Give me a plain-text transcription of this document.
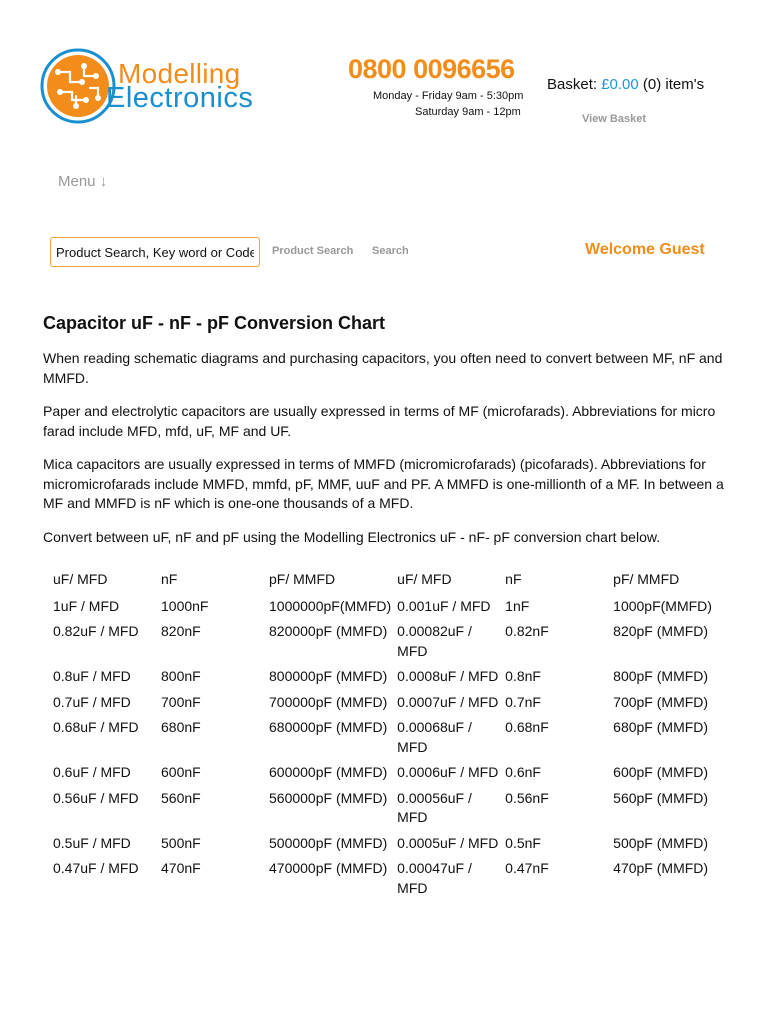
Modelling
Electronics
0800 0096656
Monday - Friday 9am - 5:30pm
Saturday 9am - 12pm
Basket: £0.00 (0) item's
View Basket
Menu ↓
Product Search, Key word or Code
Product Search Search	Welcome Guest
Capacitor uF - nF - pF Conversion Chart

When reading schematic diagrams and purchasing capacitors, you often need to convert between MF, nF and MMFD.

Paper and electrolytic capacitors are usually expressed in terms of MF (microfarads). Abbreviations for micro farad include MFD, mfd, uF, MF and UF.

Mica capacitors are usually expressed in terms of MMFD (micromicrofarads) (picofarads). Abbreviations for micromicrofarads include MMFD, mmfd, pF, MMF, uuF and PF. A MMFD is one-millionth of a MF. In between a MF and MMFD is nF which is one-one thousands of a MFD.

Convert between uF, nF and pF using the Modelling Electronics uF - nF- pF conversion chart below.

uF/ MFD	nF	pF/ MMFD	uF/ MFD	nF	pF/ MMFD
1uF / MFD	1000nF	1000000pF(MMFD)	0.001uF / MFD	1nF	1000pF(MMFD)
0.82uF / MFD	820nF	820000pF (MMFD)	0.00082uF / MFD	0.82nF	820pF (MMFD)
0.8uF / MFD	800nF	800000pF (MMFD)	0.0008uF / MFD	0.8nF	800pF (MMFD)
0.7uF / MFD	700nF	700000pF (MMFD)	0.0007uF / MFD	0.7nF	700pF (MMFD)
0.68uF / MFD	680nF	680000pF (MMFD)	0.00068uF / MFD	0.68nF	680pF (MMFD)
0.6uF / MFD	600nF	600000pF (MMFD)	0.0006uF / MFD	0.6nF	600pF (MMFD)
0.56uF / MFD	560nF	560000pF (MMFD)	0.00056uF / MFD	0.56nF	560pF (MMFD)
0.5uF / MFD	500nF	500000pF (MMFD)	0.0005uF / MFD	0.5nF	500pF (MMFD)
0.47uF / MFD	470nF	470000pF (MMFD)	0.00047uF / MFD	0.47nF	470pF (MMFD)
